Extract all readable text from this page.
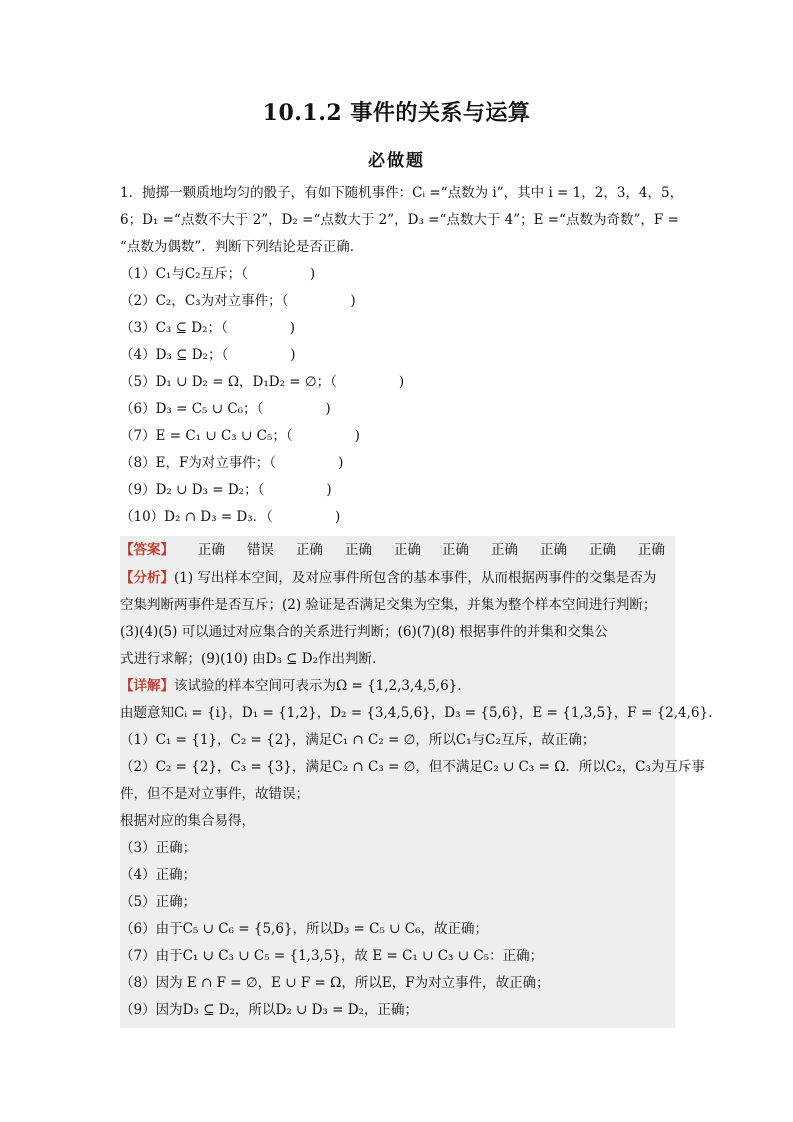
10.1.2 事件的关系与运算
必做题
1．抛掷一颗质地均匀的骰子，有如下随机事件：Cᵢ =“点数为 i”，其中 i = 1，2，3，4，5，
6；D₁ =“点数不大于 2”，D₂ =“点数大于 2”，D₃ =“点数大于 4”；E =“点数为奇数”，F =
“点数为偶数”．判断下列结论是否正确．
（1）C₁与C₂互斥；（	)
（2）C₂，C₃为对立事件；（	)
（3）C₃ ⊆ D₂；（	)
（4）D₃ ⊆ D₂；（	)
（5）D₁ ∪ D₂ = Ω，D₁D₂ = ∅；（	)
（6）D₃ = C₅ ∪ C₆；（	)
（7）E = C₁ ∪ C₃ ∪ C₅；（	)
（8）E，F为对立事件；（	)
（9）D₂ ∪ D₃ = D₂；（	)
（10）D₂ ∩ D₃ = D₃．（	)
【答案】 正确 错误 正确 正确 正确 正确 正确 正确 正确 正确
【分析】(1) 写出样本空间，及对应事件所包含的基本事件，从而根据两事件的交集是否为
空集判断两事件是否互斥；(2) 验证是否满足交集为空集，并集为整个样本空间进行判断；
(3)(4)(5) 可以通过对应集合的关系进行判断；(6)(7)(8) 根据事件的并集和交集公
式进行求解；(9)(10) 由D₃ ⊆ D₂作出判断.
【详解】该试验的样本空间可表示为Ω = {1,2,3,4,5,6}.
由题意知Cᵢ = {i}，D₁ = {1,2}，D₂ = {3,4,5,6}，D₃ = {5,6}，E = {1,3,5}，F = {2,4,6}.
（1）C₁ = {1}，C₂ = {2}，满足C₁ ∩ C₂ = ∅，所以C₁与C₂互斥，故正确；
（2）C₂ = {2}，C₃ = {3}，满足C₂ ∩ C₃ = ∅，但不满足C₂ ∪ C₃ = Ω．所以C₂，C₃为互斥事
件，但不是对立事件，故错误；
根据对应的集合易得，
（3）正确；
（4）正确；
（5）正确；
（6）由于C₅ ∪ C₆ = {5,6}，所以D₃ = C₅ ∪ C₆，故正确；
（7）由于C₁ ∪ C₃ ∪ C₅ = {1,3,5}，故 E = C₁ ∪ C₃ ∪ C₅：正确；
（8）因为 E ∩ F = ∅，E ∪ F = Ω，所以E，F为对立事件，故正确；
（9）因为D₃ ⊆ D₂，所以D₂ ∪ D₃ = D₂，正确；
